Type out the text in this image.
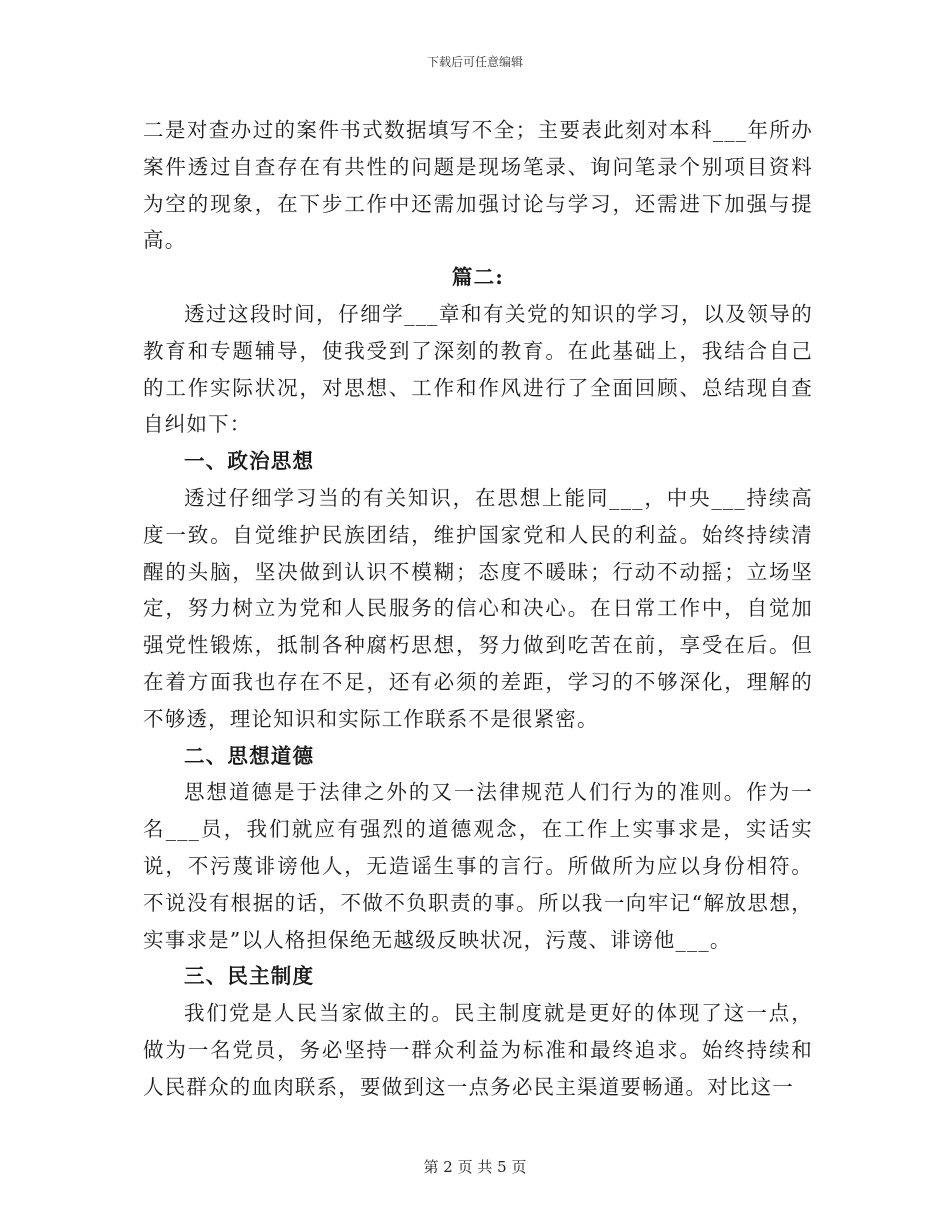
下载后可任意编辑

二是对查办过的案件书式数据填写不全；主要表此刻对本科___年所办案件透过自查存在有共性的问题是现场笔录、询问笔录个别项目资料为空的现象，在下步工作中还需加强讨论与学习，还需进下加强与提高。

篇二:

透过这段时间，仔细学___章和有关党的知识的学习，以及领导的教育和专题辅导，使我受到了深刻的教育。在此基础上，我结合自己的工作实际状况，对思想、工作和作风进行了全面回顾、总结现自查自纠如下：

一、政治思想

透过仔细学习当的有关知识，在思想上能同___，中央___持续高度一致。自觉维护民族团结，维护国家党和人民的利益。始终持续清醒的头脑，坚决做到认识不模糊；态度不暖昧；行动不动摇；立场坚定，努力树立为党和人民服务的信心和决心。在日常工作中，自觉加强党性锻炼，抵制各种腐朽思想，努力做到吃苦在前，享受在后。但在着方面我也存在不足，还有必须的差距，学习的不够深化，理解的不够透，理论知识和实际工作联系不是很紧密。

二、思想道德

思想道德是于法律之外的又一法律规范人们行为的准则。作为一名___员，我们就应有强烈的道德观念，在工作上实事求是，实话实说，不污蔑诽谤他人，无造谣生事的言行。所做所为应以身份相符。不说没有根据的话，不做不负职责的事。所以我一向牢记“解放思想，实事求是”以人格担保绝无越级反映状况，污蔑、诽谤他___。

三、民主制度

我们党是人民当家做主的。民主制度就是更好的体现了这一点，做为一名党员，务必坚持一群众利益为标准和最终追求。始终持续和人民群众的血肉联系，要做到这一点务必民主渠道要畅通。对比这一

第 2 页 共 5 页
